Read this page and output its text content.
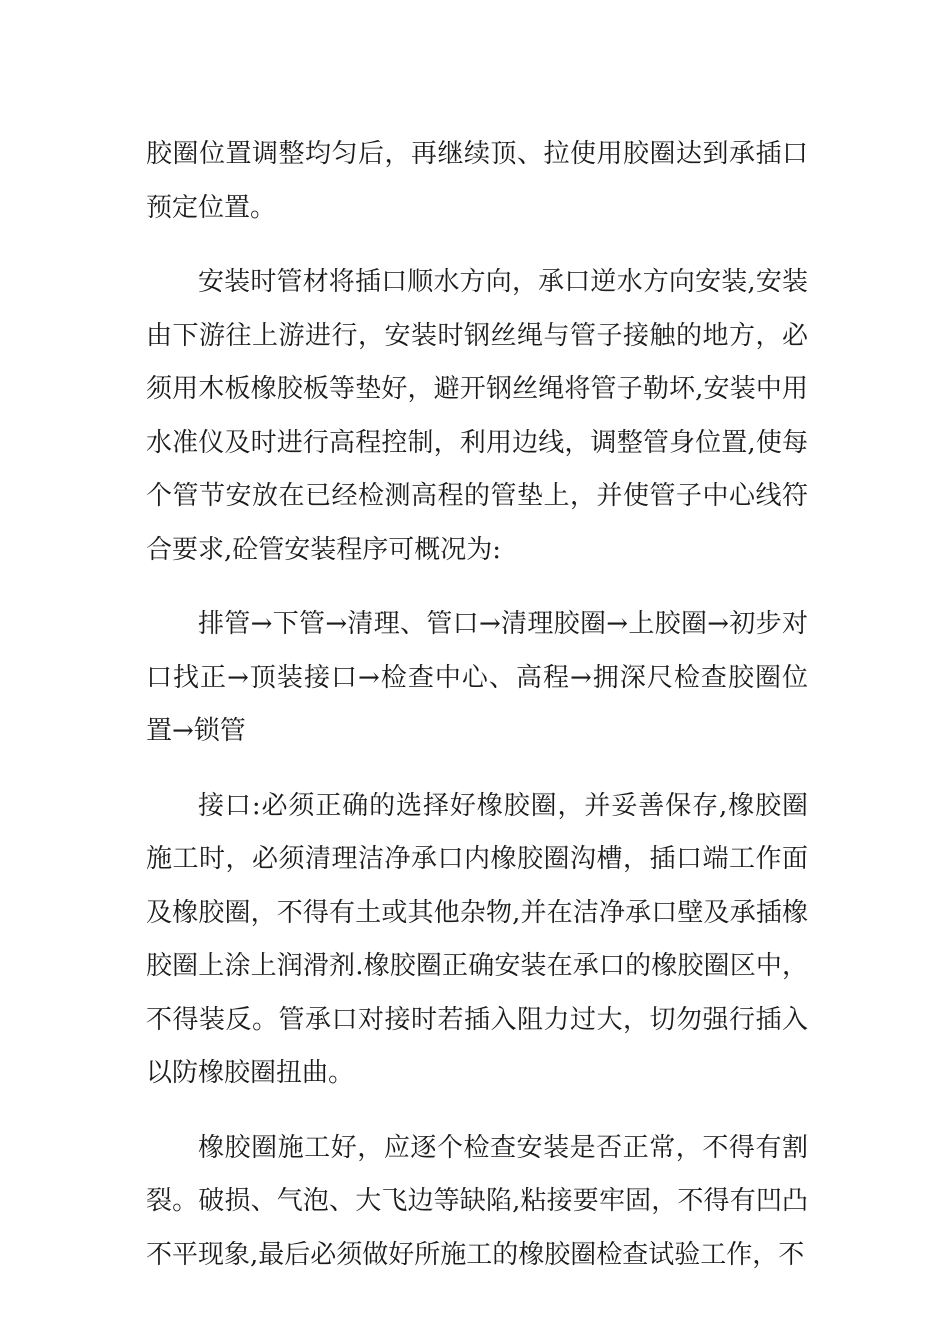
胶圈位置调整均匀后，再继续顶、拉使用胶圈达到承插口预定位置。

安装时管材将插口顺水方向，承口逆水方向安装,安装由下游往上游进行，安装时钢丝绳与管子接触的地方，必须用木板橡胶板等垫好，避开钢丝绳将管子勒坏,安装中用水准仪及时进行高程控制，利用边线，调整管身位置,使每个管节安放在已经检测高程的管垫上，并使管子中心线符合要求,砼管安装程序可概况为:

排管→下管→清理、管口→清理胶圈→上胶圈→初步对口找正→顶装接口→检查中心、高程→拥深尺检查胶圈位置→锁管

接口:必须正确的选择好橡胶圈，并妥善保存,橡胶圈施工时，必须清理洁净承口内橡胶圈沟槽，插口端工作面及橡胶圈，不得有土或其他杂物,并在洁净承口壁及承插橡胶圈上涂上润滑剂.橡胶圈正确安装在承口的橡胶圈区中，不得装反。管承口对接时若插入阻力过大，切勿强行插入以防橡胶圈扭曲。

橡胶圈施工好，应逐个检查安装是否正常，不得有割裂。破损、气泡、大飞边等缺陷,粘接要牢固，不得有凹凸不平现象,最后必须做好所施工的橡胶圈检查试验工作，不
